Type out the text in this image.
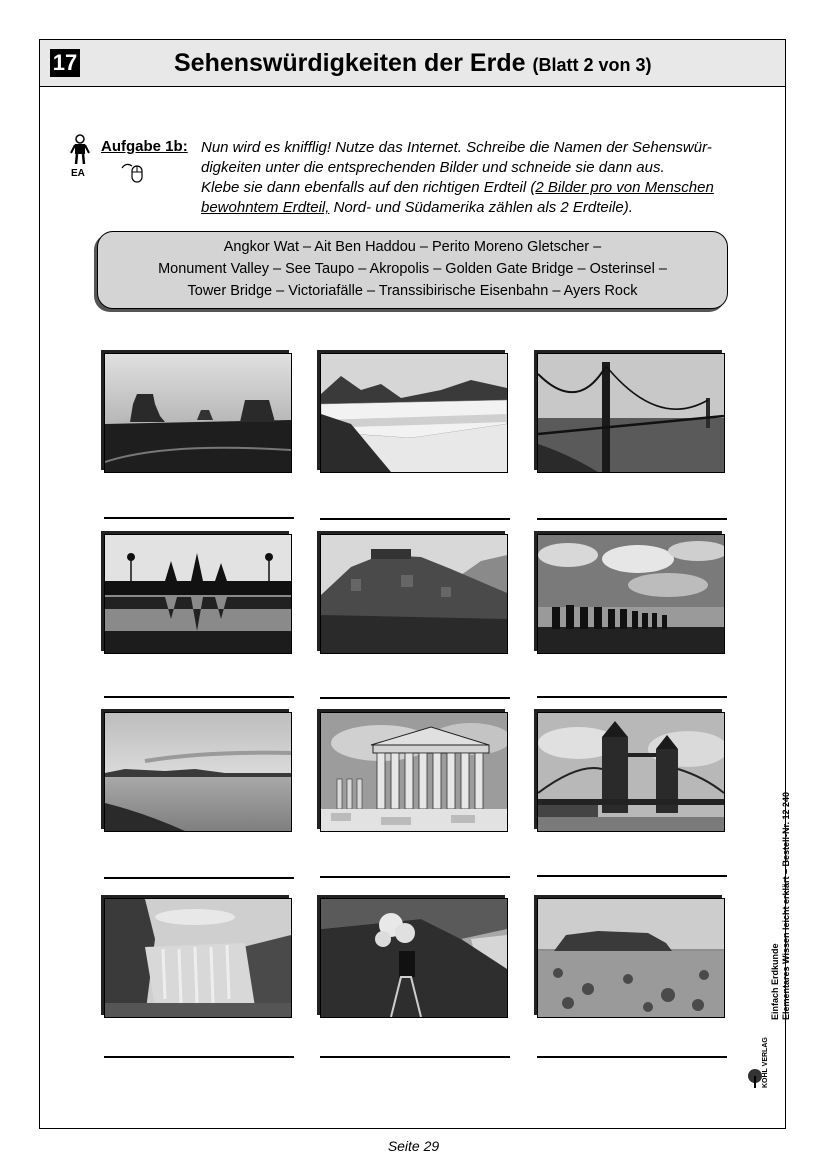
17	Sehenswürdigkeiten der Erde (Blatt 2 von 3)
EA
Aufgabe 1b: Nun wird es knifflig! Nutze das Internet. Schreibe die Namen der Sehenswür-
digkeiten unter die entsprechenden Bilder und schneide sie dann aus.
Klebe sie dann ebenfalls auf den richtigen Erdteil (2 Bilder pro von Menschen
bewohntem Erdteil, Nord- und Südamerika zählen als 2 Erdteile).
Angkor Wat – Ait Ben Haddou – Perito Moreno Gletscher –
Monument Valley – See Taupo – Akropolis – Golden Gate Bridge – Osterinsel –
Tower Bridge – Victoriafälle – Transsibirische Eisenbahn – Ayers Rock
Einfach Erdkunde Elementares Wissen leicht erklärt – Bestell-Nr. 12 240
KOHL VERLAG
Seite 29
